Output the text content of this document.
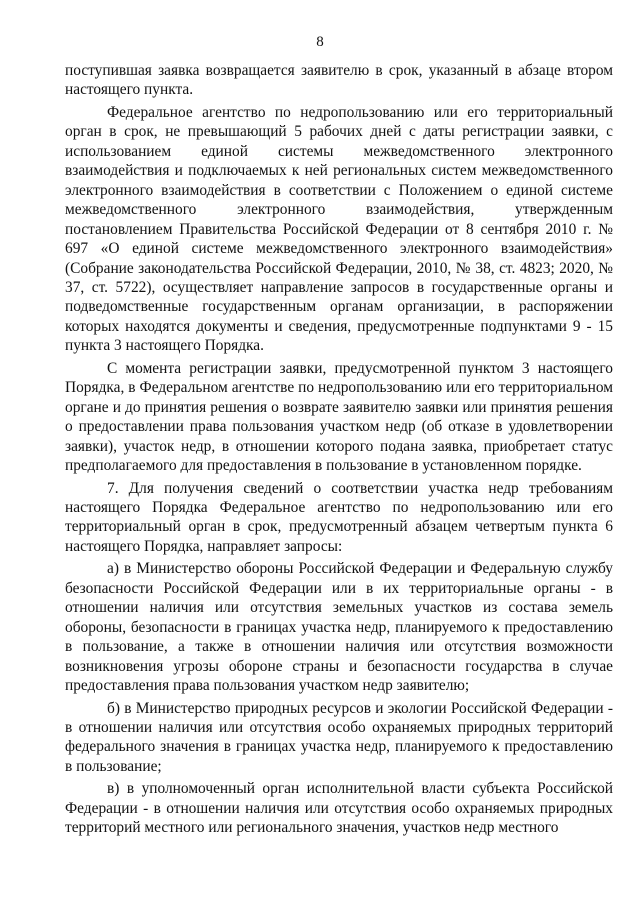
8

поступившая заявка возвращается заявителю в срок, указанный в абзаце втором настоящего пункта.

Федеральное агентство по недропользованию или его территориальный орган в срок, не превышающий 5 рабочих дней с даты регистрации заявки, с использованием единой системы межведомственного электронного взаимодействия и подключаемых к ней региональных систем межведомственного электронного взаимодействия в соответствии с Положением о единой системе межведомственного электронного взаимодействия, утвержденным постановлением Правительства Российской Федерации от 8 сентября 2010 г. № 697 «О единой системе межведомственного электронного взаимодействия» (Собрание законодательства Российской Федерации, 2010, № 38, ст. 4823; 2020, № 37, ст. 5722), осуществляет направление запросов в государственные органы и подведомственные государственным органам организации, в распоряжении которых находятся документы и сведения, предусмотренные подпунктами 9 - 15 пункта 3 настоящего Порядка.

С момента регистрации заявки, предусмотренной пунктом 3 настоящего Порядка, в Федеральном агентстве по недропользованию или его территориальном органе и до принятия решения о возврате заявителю заявки или принятия решения о предоставлении права пользования участком недр (об отказе в удовлетворении заявки), участок недр, в отношении которого подана заявка, приобретает статус предполагаемого для предоставления в пользование в установленном порядке.

7. Для получения сведений о соответствии участка недр требованиям настоящего Порядка Федеральное агентство по недропользованию или его территориальный орган в срок, предусмотренный абзацем четвертым пункта 6 настоящего Порядка, направляет запросы:

а) в Министерство обороны Российской Федерации и Федеральную службу безопасности Российской Федерации или в их территориальные органы - в отношении наличия или отсутствия земельных участков из состава земель обороны, безопасности в границах участка недр, планируемого к предоставлению в пользование, а также в отношении наличия или отсутствия возможности возникновения угрозы обороне страны и безопасности государства в случае предоставления права пользования участком недр заявителю;

б) в Министерство природных ресурсов и экологии Российской Федерации - в отношении наличия или отсутствия особо охраняемых природных территорий федерального значения в границах участка недр, планируемого к предоставлению в пользование;

в) в уполномоченный орган исполнительной власти субъекта Российской Федерации - в отношении наличия или отсутствия особо охраняемых природных территорий местного или регионального значения, участков недр местного
